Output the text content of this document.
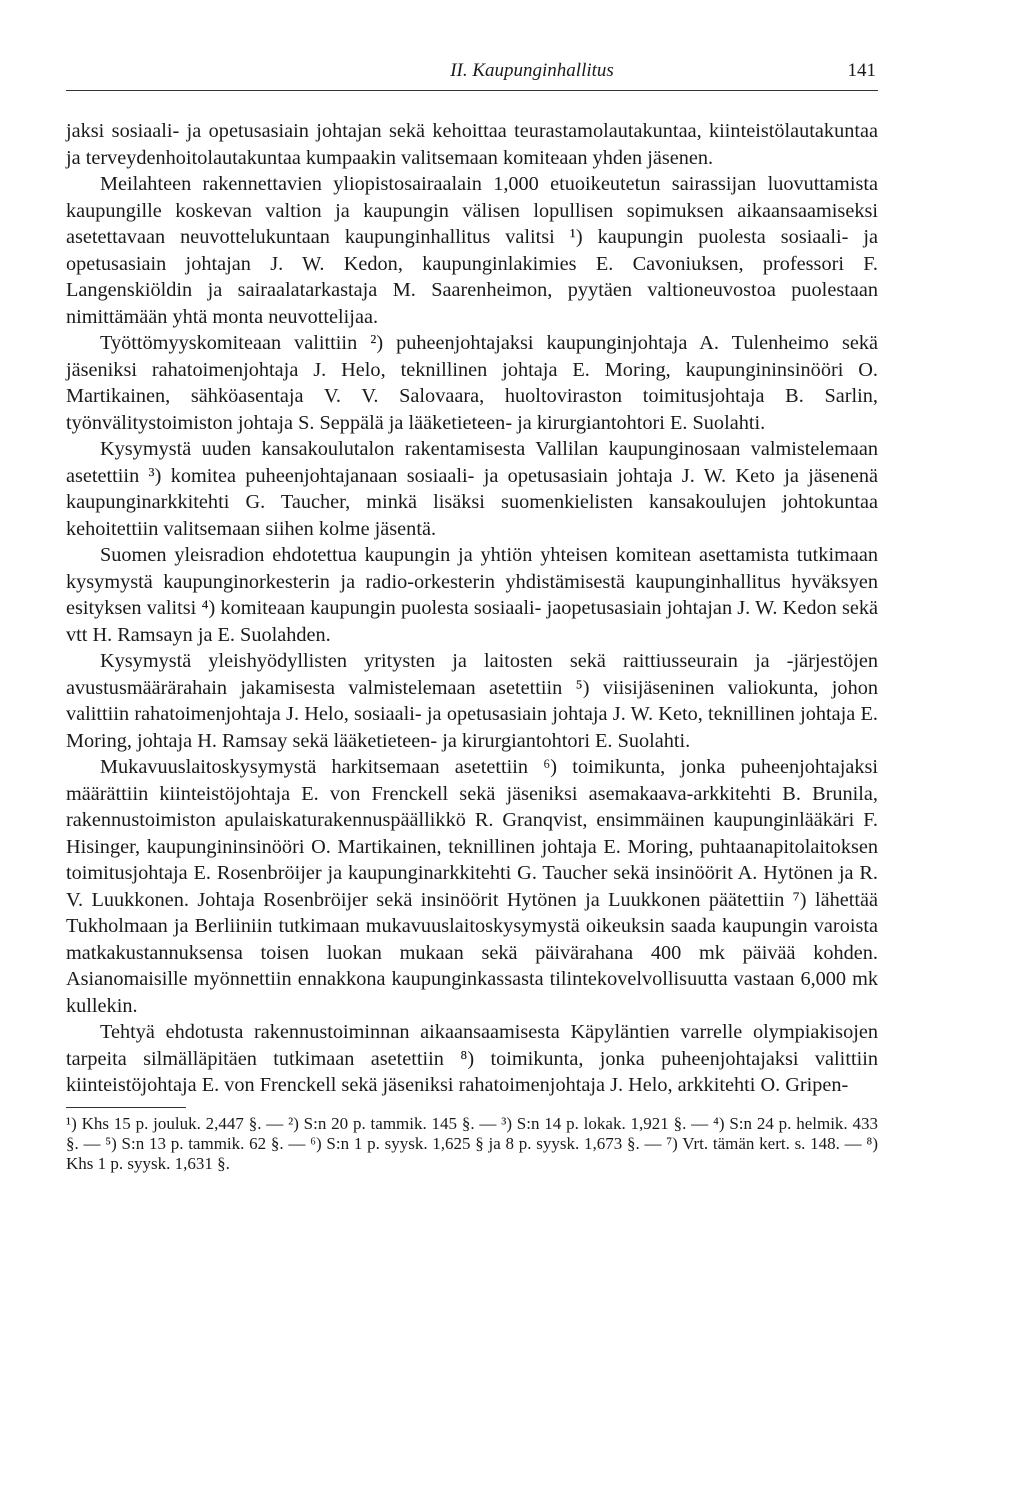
II. Kaupunginhallitus	141

jaksi sosiaali- ja opetusasiain johtajan sekä kehoittaa teurastamolautakuntaa, kiinteistölautakuntaa ja terveydenhoitolautakuntaa kumpaakin valitsemaan komiteaan yhden jäsenen.

Meilahteen rakennettavien yliopistosairaalain 1,000 etuoikeutetun sairassijan luovuttamista kaupungille koskevan valtion ja kaupungin välisen lopullisen sopimuksen aikaansaamiseksi asetettavaan neuvottelukuntaan kaupunginhallitus valitsi ¹) kaupungin puolesta sosiaali- ja opetusasiain johtajan J. W. Kedon, kaupunginlakimies E. Cavoniuksen, professori F. Langenskiöldin ja sairaalatarkastaja M. Saarenheimon, pyytäen valtioneuvostoa puolestaan nimittämään yhtä monta neuvottelijaa.

Työttömyyskomiteaan valittiin ²) puheenjohtajaksi kaupunginjohtaja A. Tulenheimo sekä jäseniksi rahatoimenjohtaja J. Helo, teknillinen johtaja E. Moring, kaupungininsinööri O. Martikainen, sähköasentaja V. V. Salovaara, huoltoviraston toimitusjohtaja B. Sarlin, työnvälitystoimiston johtaja S. Seppälä ja lääketieteen- ja kirurgiantohtori E. Suolahti.

Kysymystä uuden kansakoulutalon rakentamisesta Vallilan kaupunginosaan valmistelemaan asetettiin ³) komitea puheenjohtajanaan sosiaali- ja opetusasiain johtaja J. W. Keto ja jäsenenä kaupunginarkkitehti G. Taucher, minkä lisäksi suomenkielisten kansakoulujen johtokuntaa kehoitettiin valitsemaan siihen kolme jäsentä.

Suomen yleisradion ehdotettua kaupungin ja yhtiön yhteisen komitean asettamista tutkimaan kysymystä kaupunginorkesterin ja radio-orkesterin yhdistämisestä kaupunginhallitus hyväksyen esityksen valitsi ⁴) komiteaan kaupungin puolesta sosiaali- jaopetusasiain johtajan J. W. Kedon sekä vtt H. Ramsayn ja E. Suolahden.

Kysymystä yleishyödyllisten yritysten ja laitosten sekä raittiusseurain ja -järjestöjen avustusmäärärahain jakamisesta valmistelemaan asetettiin ⁵) viisijäseninen valiokunta, johon valittiin rahatoimenjohtaja J. Helo, sosiaali- ja opetusasiain johtaja J. W. Keto, teknillinen johtaja E. Moring, johtaja H. Ramsay sekä lääketieteen- ja kirurgiantohtori E. Suolahti.

Mukavuuslaitoskysymystä harkitsemaan asetettiin ⁶) toimikunta, jonka puheenjohtajaksi määrättiin kiinteistöjohtaja E. von Frenckell sekä jäseniksi asemakaava-arkkitehti B. Brunila, rakennustoimiston apulaiskaturakennuspäällikkö R. Granqvist, ensimmäinen kaupunginlääkäri F. Hisinger, kaupungininsinööri O. Martikainen, teknillinen johtaja E. Moring, puhtaanapitolaitoksen toimitusjohtaja E. Rosenbröijer ja kaupunginarkkitehti G. Taucher sekä insinöörit A. Hytönen ja R. V. Luukkonen. Johtaja Rosenbröijer sekä insinöörit Hytönen ja Luukkonen päätettiin ⁷) lähettää Tukholmaan ja Berliiniin tutkimaan mukavuuslaitoskysymystä oikeuksin saada kaupungin varoista matkakustannuksensa toisen luokan mukaan sekä päivärahana 400 mk päivää kohden. Asianomaisille myönnettiin ennakkona kaupunginkassasta tilintekovelvollisuutta vastaan 6,000 mk kullekin.

Tehtyä ehdotusta rakennustoiminnan aikaansaamisesta Käpyläntien varrelle olympiakisojen tarpeita silmälläpitäen tutkimaan asetettiin ⁸) toimikunta, jonka puheenjohtajaksi valittiin kiinteistöjohtaja E. von Frenckell sekä jäseniksi rahatoimenjohtaja J. Helo, arkkitehti O. Gripen-

¹) Khs 15 p. jouluk. 2,447 §. — ²) S:n 20 p. tammik. 145 §. — ³) S:n 14 p. lokak. 1,921 §. — ⁴) S:n 24 p. helmik. 433 §. — ⁵) S:n 13 p. tammik. 62 §. — ⁶) S:n 1 p. syysk. 1,625 § ja 8 p. syysk. 1,673 §. — ⁷) Vrt. tämän kert. s. 148. — ⁸) Khs 1 p. syysk. 1,631 §.
